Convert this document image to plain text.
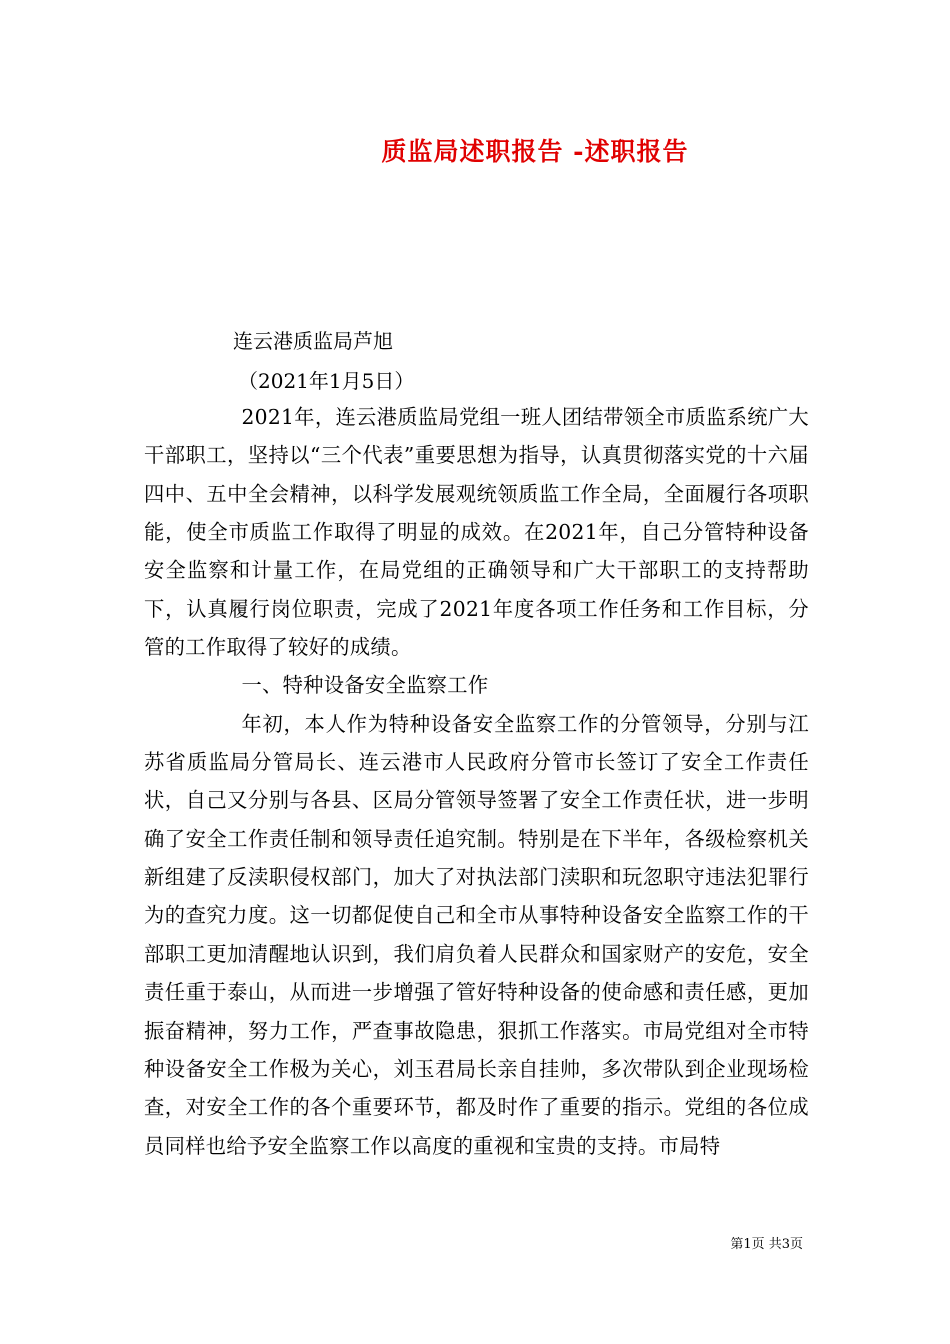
质监局述职报告 -述职报告
连云港质监局芦旭
（2021年1月5日）

2021年，连云港质监局党组一班人团结带领全市质监系统广大干部职工，坚持以“三个代表”重要思想为指导，认真贯彻落实党的十六届四中、五中全会精神，以科学发展观统领质监工作全局，全面履行各项职能，使全市质监工作取得了明显的成效。在2021年，自己分管特种设备安全监察和计量工作，在局党组的正确领导和广大干部职工的支持帮助下，认真履行岗位职责，完成了2021年度各项工作任务和工作目标，分管的工作取得了较好的成绩。

一、特种设备安全监察工作

年初，本人作为特种设备安全监察工作的分管领导，分别与江苏省质监局分管局长、连云港市人民政府分管市长签订了安全工作责任状，自己又分别与各县、区局分管领导签署了安全工作责任状，进一步明确了安全工作责任制和领导责任追究制。特别是在下半年，各级检察机关新组建了反渎职侵权部门，加大了对执法部门渎职和玩忽职守违法犯罪行为的查究力度。这一切都促使自己和全市从事特种设备安全监察工作的干部职工更加清醒地认识到，我们肩负着人民群众和国家财产的安危，安全责任重于泰山，从而进一步增强了管好特种设备的使命感和责任感，更加振奋精神，努力工作，严查事故隐患，狠抓工作落实。市局党组对全市特种设备安全工作极为关心，刘玉君局长亲自挂帅，多次带队到企业现场检查，对安全工作的各个重要环节，都及时作了重要的指示。党组的各位成员同样也给予安全监察工作以高度的重视和宝贵的支持。市局特

第1页 共3页
